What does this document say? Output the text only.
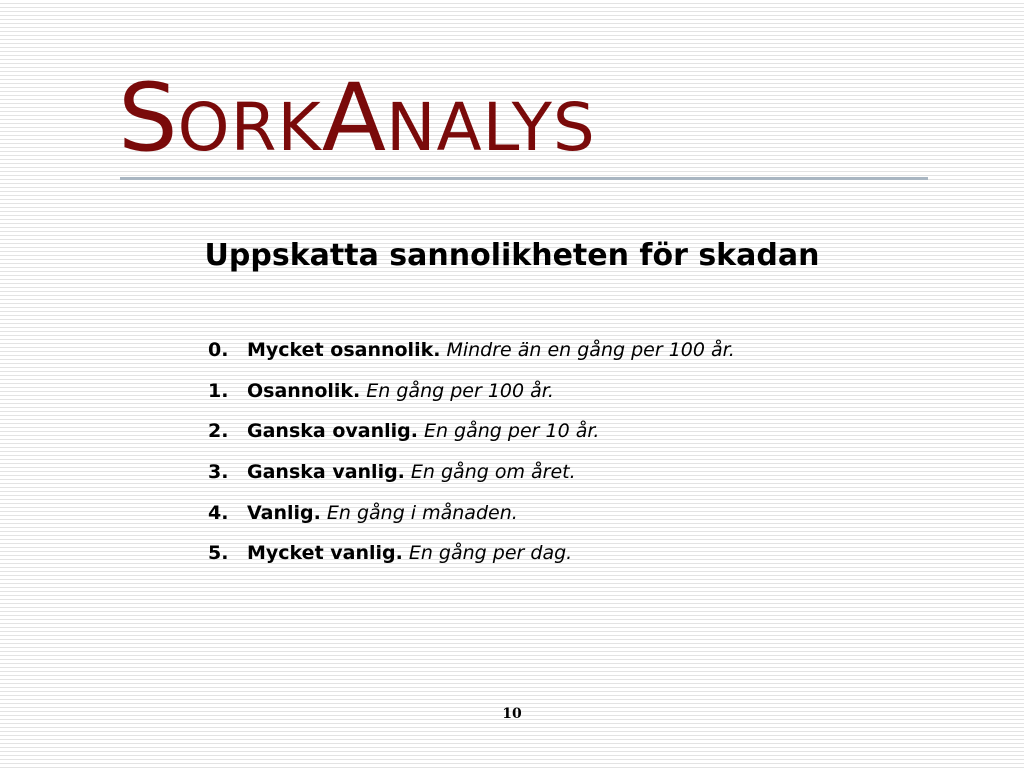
SORKANALYS
Uppskatta sannolikheten för skadan
0. Mycket osannolik. Mindre än en gång per 100 år.
1. Osannolik. En gång per 100 år.
2. Ganska ovanlig. En gång per 10 år.
3. Ganska vanlig. En gång om året.
4. Vanlig. En gång i månaden.
5. Mycket vanlig. En gång per dag.
10
